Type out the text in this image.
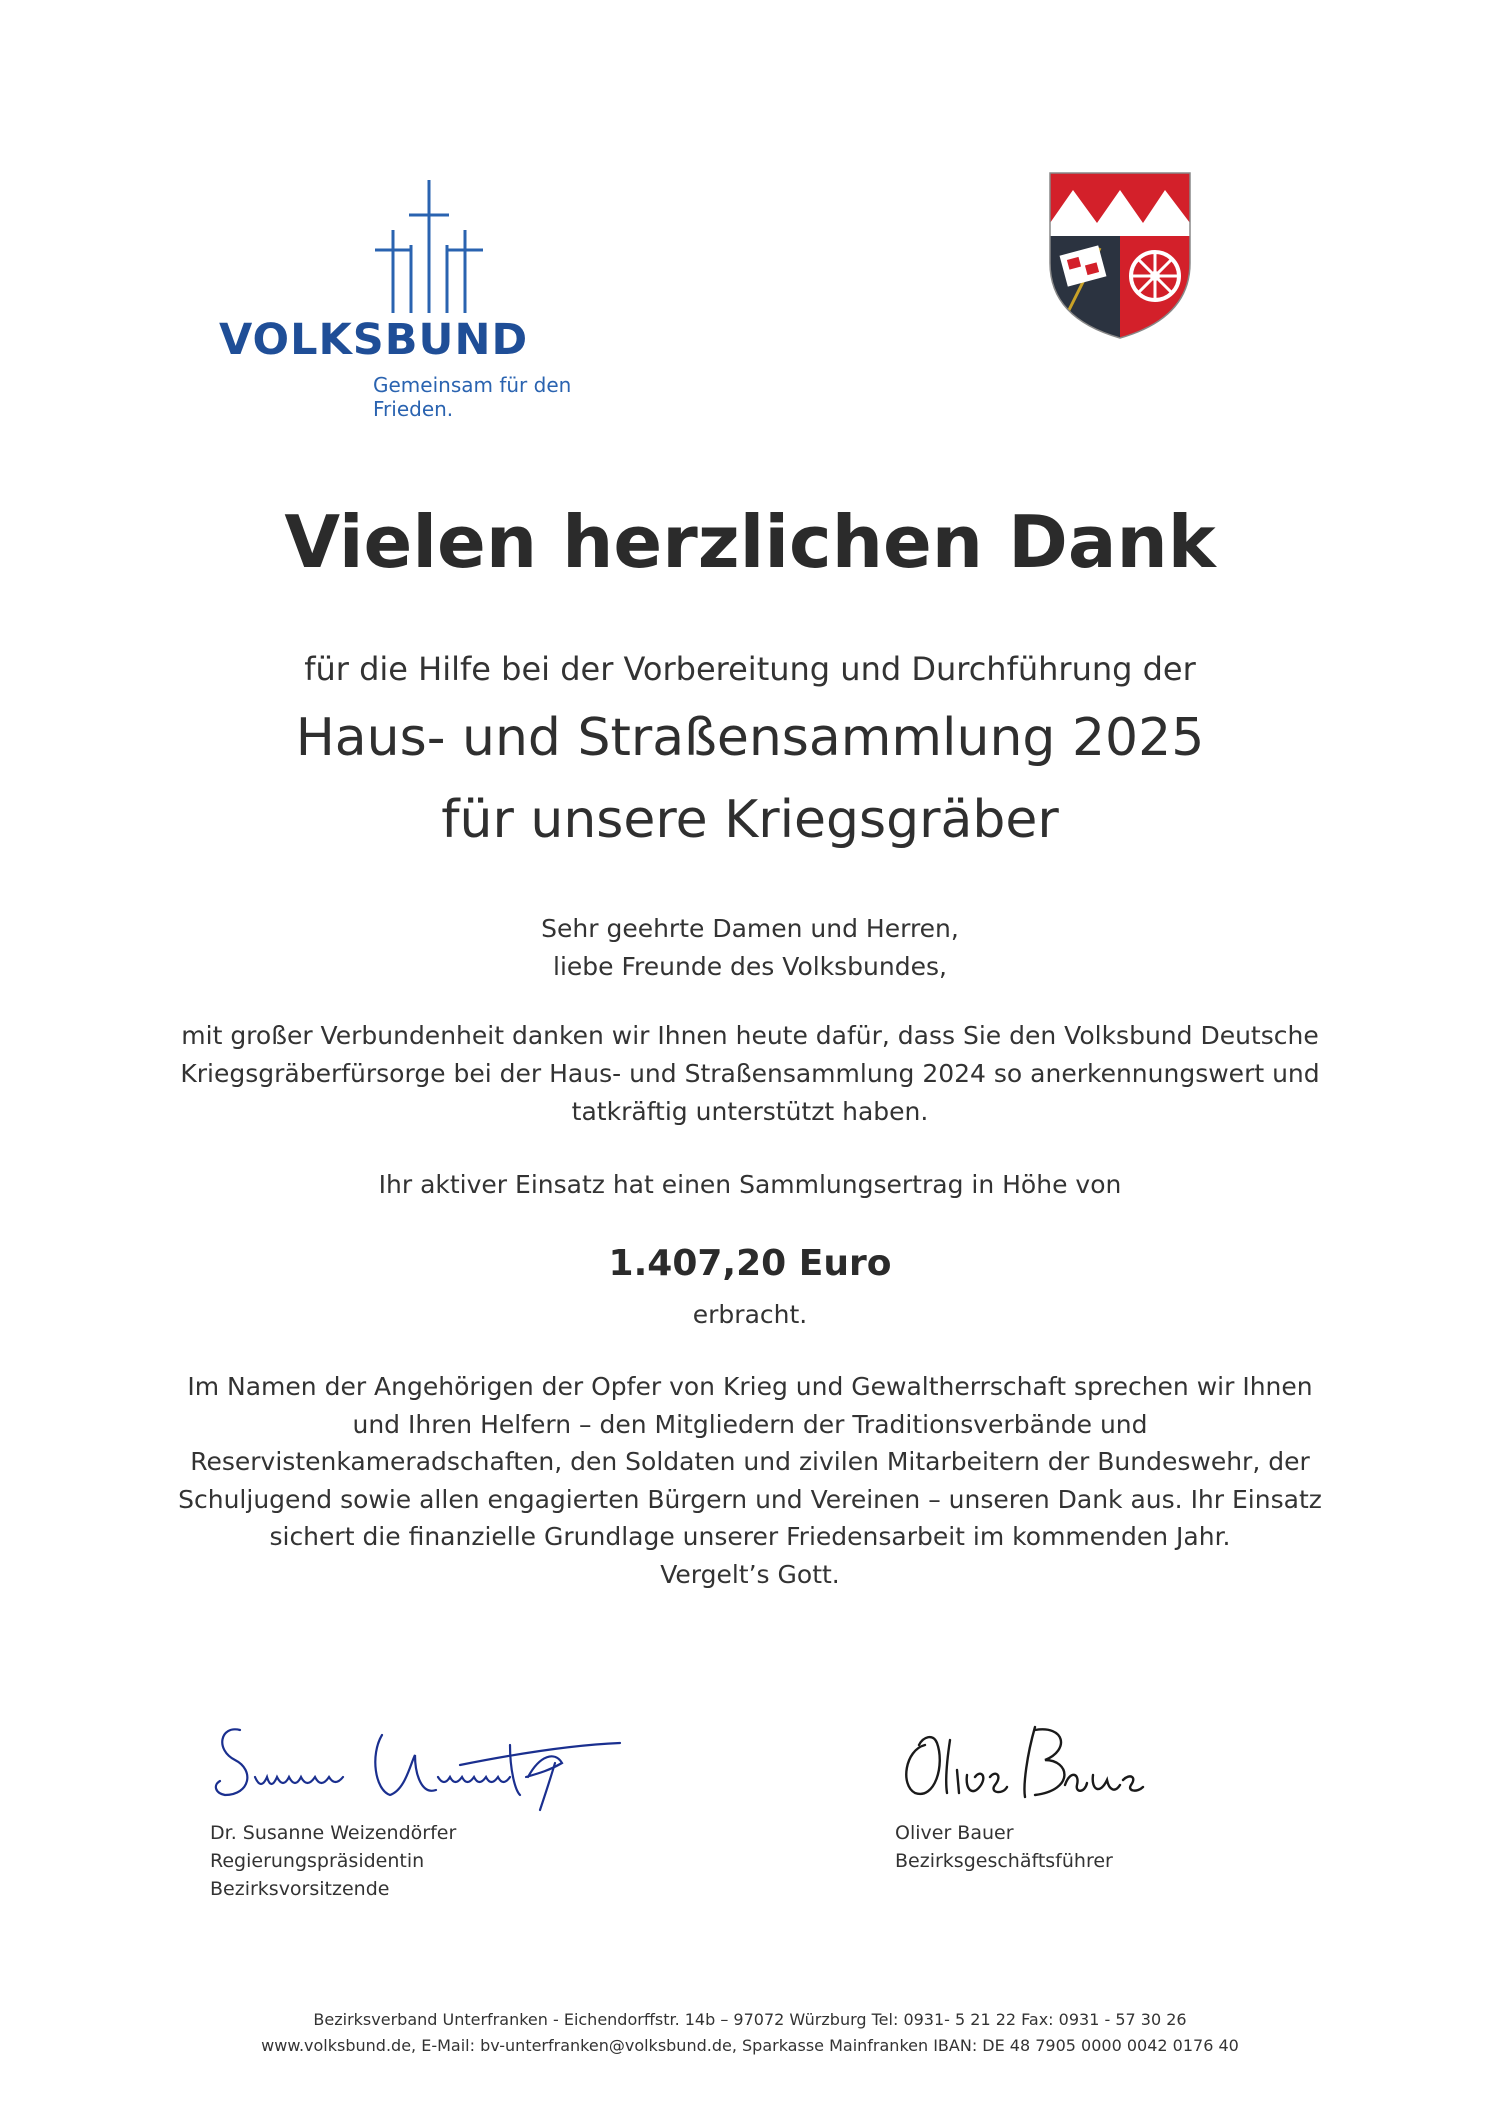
VOLKSBUND
Gemeinsam für den Frieden.
Vielen herzlichen Dank

für die Hilfe bei der Vorbereitung und Durchführung der

Haus- und Straßensammlung 2025

für unsere Kriegsgräber

Sehr geehrte Damen und Herren,
liebe Freunde des Volksbundes,

mit großer Verbundenheit danken wir Ihnen heute dafür, dass Sie den Volksbund Deutsche
Kriegsgräberfürsorge bei der Haus- und Straßensammlung 2024 so anerkennungswert und
tatkräftig unterstützt haben.

Ihr aktiver Einsatz hat einen Sammlungsertrag in Höhe von

1.407,20 Euro

erbracht.

Im Namen der Angehörigen der Opfer von Krieg und Gewaltherrschaft sprechen wir Ihnen
und Ihren Helfern – den Mitgliedern der Traditionsverbände und
Reservistenkameradschaften, den Soldaten und zivilen Mitarbeitern der Bundeswehr, der
Schuljugend sowie allen engagierten Bürgern und Vereinen – unseren Dank aus. Ihr Einsatz
sichert die finanzielle Grundlage unserer Friedensarbeit im kommenden Jahr.
Vergelt’s Gott.

Dr. Susanne Weizendörfer
Regierungspräsidentin
Bezirksvorsitzende
Oliver Bauer
Bezirksgeschäftsführer
Bezirksverband Unterfranken - Eichendorffstr. 14b – 97072 Würzburg Tel: 0931- 5 21 22 Fax: 0931 - 57 30 26
www.volksbund.de, E-Mail: bv-unterfranken@volksbund.de, Sparkasse Mainfranken IBAN: DE 48 7905 0000 0042 0176 40
